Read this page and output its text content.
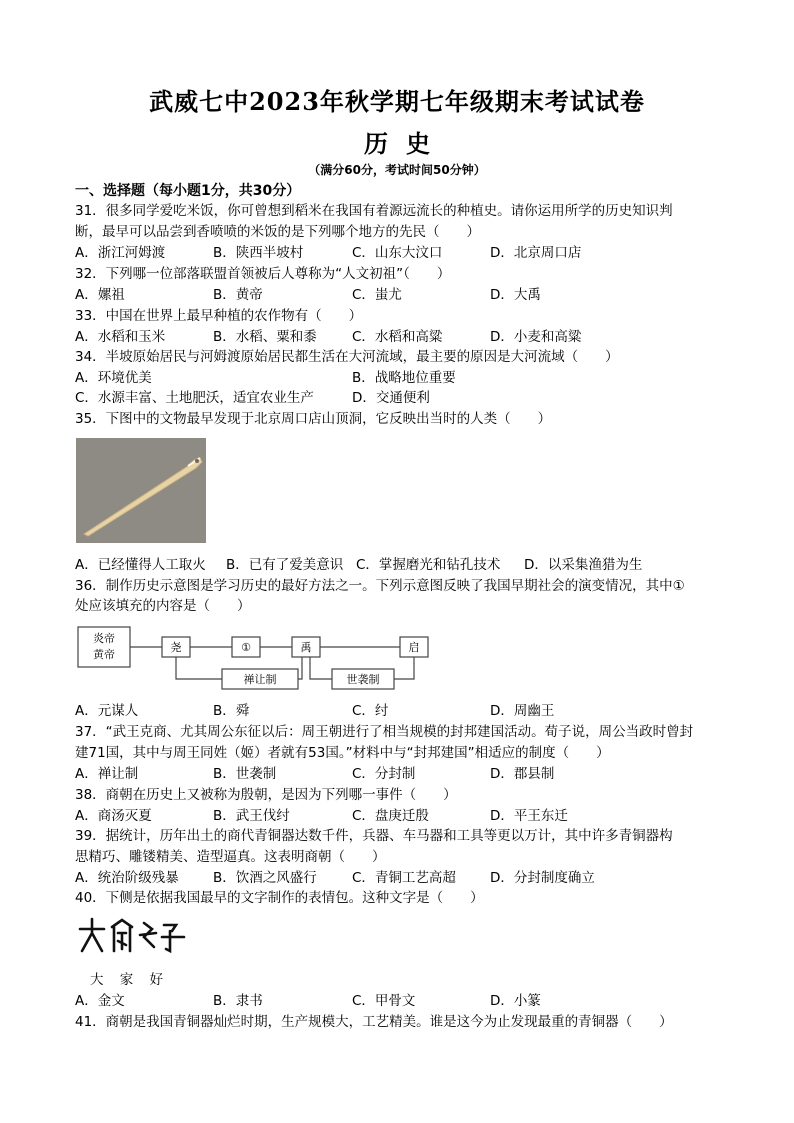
武威七中2023年秋学期七年级期末考试试卷
历史
（满分60分，考试时间50分钟）
一、选择题（每小题1分，共30分）
31．很多同学爱吃米饭，你可曾想到稻米在我国有着源远流长的种植史。请你运用所学的历史知识判
断，最早可以品尝到香喷喷的米饭的是下列哪个地方的先民（　　）
A．浙江河姆渡	B．陕西半坡村	C．山东大汶口	D．北京周口店
32．下列哪一位部落联盟首领被后人尊称为“人文初祖”（　　）
A．嫘祖	B．黄帝	C．蚩尤	D．大禹
33．中国在世界上最早种植的农作物有（　　）
A．水稻和玉米	B．水稻、粟和黍	C．水稻和高粱	D．小麦和高粱
34．半坡原始居民与河姆渡原始居民都生活在大河流域，最主要的原因是大河流域（　　）
A．环境优美	B．战略地位重要
C．水源丰富、土地肥沃，适宜农业生产	D．交通便利
35．下图中的文物最早发现于北京周口店山顶洞，它反映出当时的人类（　　）
A．已经懂得人工取火 B．已有了爱美意识 C．掌握磨光和钻孔技术 D．以采集渔猎为生
36．制作历史示意图是学习历史的最好方法之一。下列示意图反映了我国早期社会的演变情况，其中①
处应该填充的内容是（　　）
炎帝
黄帝
尧	①	禹	启
禅让制	世袭制
A．元谋人	B．舜	C．纣	D．周幽王
37．“武王克商、尤其周公东征以后：周王朝进行了相当规模的封邦建国活动。荀子说，周公当政时曾封
建71国，其中与周王同姓（姬）者就有53国。”材料中与“封邦建国”相适应的制度（　　）
A．禅让制	B．世袭制	C．分封制	D．郡县制
38．商朝在历史上又被称为殷朝，是因为下列哪一事件（　　）
A．商汤灭夏	B．武王伐纣	C．盘庚迁殷	D．平王东迁
39．据统计，历年出土的商代青铜器达数千件，兵器、车马器和工具等更以万计，其中许多青铜器构
思精巧、雕镂精美、造型逼真。这表明商朝（　　）
A．统治阶级残暴	B．饮酒之风盛行	C．青铜工艺高超	D．分封制度确立
40．下侧是依据我国最早的文字制作的表情包。这种文字是（　　）
大 家 好
A．金文	B．隶书	C．甲骨文	D．小篆
41．商朝是我国青铜器灿烂时期，生产规模大，工艺精美。谁是这今为止发现最重的青铜器（　　）
